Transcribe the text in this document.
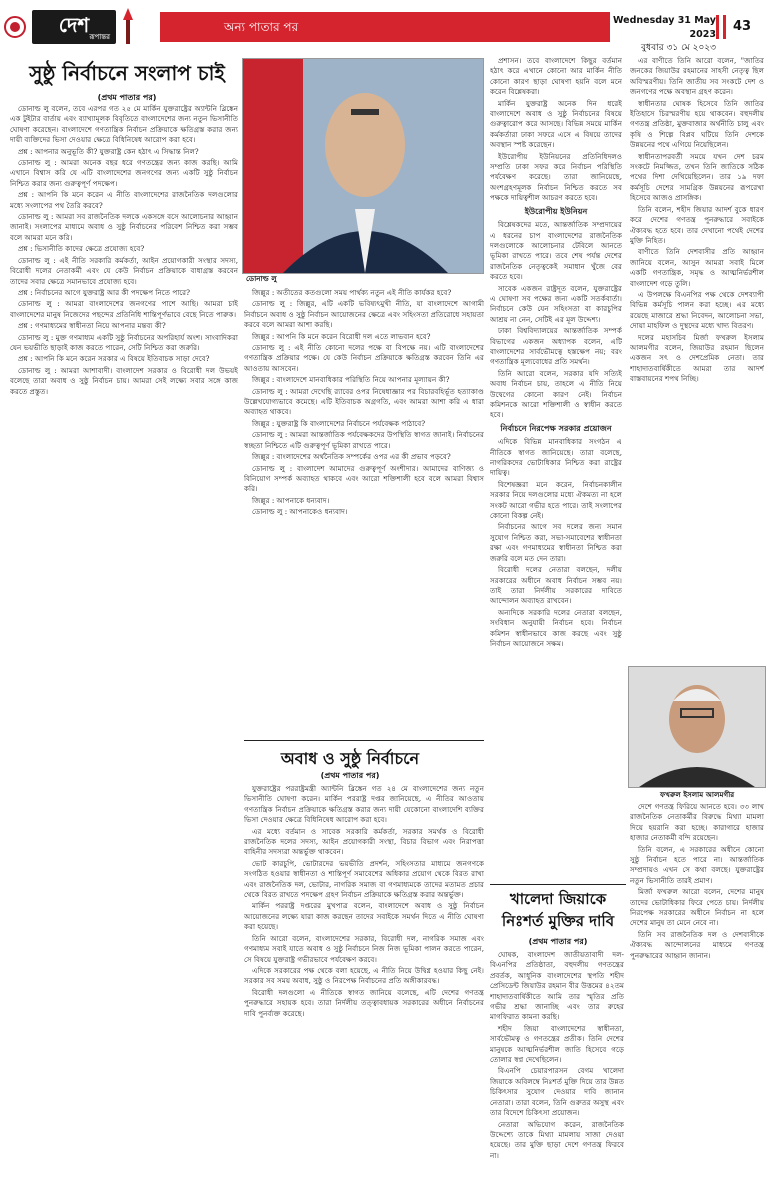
দেশ
রূপান্তর
অন্য পাতার পর	Wednesday 31 May 2023
বুধবার ৩১ মে ২০২৩
43
সুষ্ঠু নির্বাচনে সংলাপ চাই
(প্রথম পাতার পর)
ডোনাল্ড লু

ডোনাল্ড লু বলেন, তবে এরপর গত ২৫ মে মার্কিন যুক্তরাষ্ট্রের অ্যান্টনি ব্লিঙ্কেন এক টুইটার বার্তায় এবং ব্যাখ্যামূলক বিবৃতিতে বাংলাদেশের জন্য নতুন ভিসানীতি ঘোষণা করেছেন। বাংলাদেশে গণতান্ত্রিক নির্বাচন প্রক্রিয়াকে ক্ষতিগ্রস্ত করার জন্য দায়ী ব্যক্তিদের ভিসা দেওয়ার ক্ষেত্রে বিধিনিষেধ আরোপ করা হবে।

প্রশ্ন : আপনার অনুভূতি কী? যুক্তরাষ্ট্র কেন হঠাৎ এ সিদ্ধান্ত নিল?

ডোনাল্ড লু : আমরা অনেক বছর ধরে গণতন্ত্রের জন্য কাজ করছি। আমি এখানে বিশ্বাস করি যে এটি বাংলাদেশের জনগণের জন্য একটি সুষ্ঠু নির্বাচন নিশ্চিত করার জন্য গুরুত্বপূর্ণ পদক্ষেপ।

প্রশ্ন : আপনি কি মনে করেন এ নীতি বাংলাদেশের রাজনৈতিক দলগুলোর মধ্যে সংলাপের পথ তৈরি করবে?

ডোনাল্ড লু : আমরা সব রাজনৈতিক দলকে একসঙ্গে বসে আলোচনার আহ্বান জানাই। সংলাপের মাধ্যমে অবাধ ও সুষ্ঠু নির্বাচনের পরিবেশ নিশ্চিত করা সম্ভব বলে আমরা মনে করি।

প্রশ্ন : ভিসানীতি কাদের ক্ষেত্রে প্রযোজ্য হবে?

ডোনাল্ড লু : এই নীতি সরকারি কর্মকর্তা, আইন প্রয়োগকারী সংস্থার সদস্য, বিরোধী দলের নেতাকর্মী এবং যে কেউ নির্বাচন প্রক্রিয়াকে বাধাগ্রস্ত করবেন তাদের সবার ক্ষেত্রে সমানভাবে প্রযোজ্য হবে।

প্রশ্ন : নির্বাচনের আগে যুক্তরাষ্ট্র আর কী পদক্ষেপ নিতে পারে?

ডোনাল্ড লু : আমরা বাংলাদেশের জনগণের পাশে আছি। আমরা চাই বাংলাদেশের মানুষ নিজেদের পছন্দের প্রতিনিধি শান্তিপূর্ণভাবে বেছে নিতে পারুক।

প্রশ্ন : গণমাধ্যমের স্বাধীনতা নিয়ে আপনার মন্তব্য কী?

ডোনাল্ড লু : মুক্ত গণমাধ্যম একটি সুষ্ঠু নির্বাচনের অপরিহার্য অংশ। সাংবাদিকরা যেন ভয়ভীতি ছাড়াই কাজ করতে পারেন, সেটি নিশ্চিত করা জরুরি।

প্রশ্ন : আপনি কি মনে করেন সরকার এ বিষয়ে ইতিবাচক সাড়া দেবে?

ডোনাল্ড লু : আমরা আশাবাদী। বাংলাদেশ সরকার ও বিরোধী দল উভয়ই বলেছে তারা অবাধ ও সুষ্ঠু নির্বাচন চায়। আমরা সেই লক্ষ্যে সবার সঙ্গে কাজ করতে প্রস্তুত।

জিল্লুর : অতীতের কতগুলো সময় পার্থক্য নতুন এই নীতি কার্যকর হবে?

ডোনাল্ড লু : জিল্লুর, এটি একটি ভবিষ্যৎমুখী নীতি, যা বাংলাদেশে আগামী নির্বাচনে অবাধ ও সুষ্ঠু নির্বাচন আয়োজনের ক্ষেত্রে এবং সহিংসতা প্রতিরোধে সহায়তা করবে বলে আমরা আশা করছি।

জিল্লুর : আপনি কি মনে করেন বিরোধী দল এতে লাভবান হবে?

ডোনাল্ড লু : এই নীতি কোনো দলের পক্ষে বা বিপক্ষে নয়। এটি বাংলাদেশের গণতান্ত্রিক প্রক্রিয়ার পক্ষে। যে কেউ নির্বাচন প্রক্রিয়াকে ক্ষতিগ্রস্ত করবেন তিনি এর আওতায় আসবেন।

জিল্লুর : বাংলাদেশে মানবাধিকার পরিস্থিতি নিয়ে আপনার মূল্যায়ন কী?

ডোনাল্ড লু : আমরা দেখেছি র‍্যাবের ওপর নিষেধাজ্ঞার পর বিচারবহির্ভূত হত্যাকাণ্ড উল্লেখযোগ্যভাবে কমেছে। এটি ইতিবাচক অগ্রগতি, এবং আমরা আশা করি এ ধারা অব্যাহত থাকবে।

জিল্লুর : যুক্তরাষ্ট্র কি বাংলাদেশের নির্বাচনে পর্যবেক্ষক পাঠাবে?

ডোনাল্ড লু : আমরা আন্তর্জাতিক পর্যবেক্ষকদের উপস্থিতি স্বাগত জানাই। নির্বাচনের স্বচ্ছতা নিশ্চিতে এটি গুরুত্বপূর্ণ ভূমিকা রাখতে পারে।

জিল্লুর : বাংলাদেশের অর্থনৈতিক সম্পর্কের ওপর এর কী প্রভাব পড়বে?

ডোনাল্ড লু : বাংলাদেশ আমাদের গুরুত্বপূর্ণ অংশীদার। আমাদের বাণিজ্য ও বিনিয়োগ সম্পর্ক অব্যাহত থাকবে এবং আরো শক্তিশালী হবে বলে আমরা বিশ্বাস করি।

জিল্লুর : আপনাকে ধন্যবাদ।

ডোনাল্ড লু : আপনাকেও ধন্যবাদ।

অবাধ ও সুষ্ঠু নির্বাচনে
(প্রথম পাতার পর)

যুক্তরাষ্ট্রের পররাষ্ট্রমন্ত্রী অ্যান্টনি ব্লিঙ্কেন গত ২৪ মে বাংলাদেশের জন্য নতুন ভিসানীতি ঘোষণা করেন। মার্কিন পররাষ্ট্র দপ্তর জানিয়েছে, এ নীতির আওতায় গণতান্ত্রিক নির্বাচন প্রক্রিয়াকে ক্ষতিগ্রস্ত করার জন্য দায়ী যেকোনো বাংলাদেশি ব্যক্তির ভিসা দেওয়ার ক্ষেত্রে বিধিনিষেধ আরোপ করা হবে।

এর মধ্যে বর্তমান ও সাবেক সরকারি কর্মকর্তা, সরকার সমর্থক ও বিরোধী রাজনৈতিক দলের সদস্য, আইন প্রয়োগকারী সংস্থা, বিচার বিভাগ এবং নিরাপত্তা বাহিনীর সদস্যরা অন্তর্ভুক্ত থাকবেন।

ভোট কারচুপি, ভোটারদের ভয়ভীতি প্রদর্শন, সহিংসতার মাধ্যমে জনগণকে সংগঠিত হওয়ার স্বাধীনতা ও শান্তিপূর্ণ সমাবেশের অধিকার প্রয়োগ থেকে বিরত রাখা এবং রাজনৈতিক দল, ভোটার, নাগরিক সমাজ বা গণমাধ্যমকে তাদের মতামত প্রচার থেকে বিরত রাখতে পদক্ষেপ গ্রহণ নির্বাচন প্রক্রিয়াকে ক্ষতিগ্রস্ত করার অন্তর্ভুক্ত।

মার্কিন পররাষ্ট্র দপ্তরের মুখপাত্র বলেন, বাংলাদেশে অবাধ ও সুষ্ঠু নির্বাচন আয়োজনের লক্ষ্যে যারা কাজ করছেন তাদের সবাইকে সমর্থন দিতে এ নীতি ঘোষণা করা হয়েছে।

তিনি আরো বলেন, বাংলাদেশের সরকার, বিরোধী দল, নাগরিক সমাজ এবং গণমাধ্যম সবাই যাতে অবাধ ও সুষ্ঠু নির্বাচনে নিজ নিজ ভূমিকা পালন করতে পারেন, সে বিষয়ে যুক্তরাষ্ট্র গভীরভাবে পর্যবেক্ষণ করবে।

এদিকে সরকারের পক্ষ থেকে বলা হয়েছে, এ নীতি নিয়ে উদ্বিগ্ন হওয়ার কিছু নেই। সরকার সব সময় অবাধ, সুষ্ঠু ও নিরপেক্ষ নির্বাচনের প্রতি অঙ্গীকারবদ্ধ।

বিরোধী দলগুলো এ নীতিকে স্বাগত জানিয়ে বলেছে, এটি দেশের গণতন্ত্র পুনরুদ্ধারে সহায়ক হবে। তারা নির্দলীয় তত্ত্বাবধায়ক সরকারের অধীনে নির্বাচনের দাবি পুনর্ব্যক্ত করেছে।

প্রশাসন। তবে বাংলাদেশে কিছুর বর্তমান হঠাৎ করে এখানে কোনো আর মার্কিন নীতি কোনো কারণ ছাড়া ঘোষণা হয়নি বলে মনে করেন বিশ্লেষকরা।

মার্কিন যুক্তরাষ্ট্র অনেক দিন ধরেই বাংলাদেশে অবাধ ও সুষ্ঠু নির্বাচনের বিষয়ে গুরুত্বারোপ করে আসছে। বিভিন্ন সময়ে মার্কিন কর্মকর্তারা ঢাকা সফরে এসে এ বিষয়ে তাদের অবস্থান স্পষ্ট করেছেন।

ইউরোপীয় ইউনিয়নের প্রতিনিধিদলও সম্প্রতি ঢাকা সফর করে নির্বাচন পরিস্থিতি পর্যবেক্ষণ করেছে। তারা জানিয়েছে, অংশগ্রহণমূলক নির্বাচন নিশ্চিত করতে সব পক্ষকে দায়িত্বশীল আচরণ করতে হবে।

ইউরোপীয় ইউনিয়ন

বিশ্লেষকদের মতে, আন্তর্জাতিক সম্প্রদায়ের এ ধরনের চাপ বাংলাদেশের রাজনৈতিক দলগুলোকে আলোচনার টেবিলে আনতে ভূমিকা রাখতে পারে। তবে শেষ পর্যন্ত দেশের রাজনৈতিক নেতৃত্বকেই সমাধান খুঁজে বের করতে হবে।

সাবেক একজন রাষ্ট্রদূত বলেন, যুক্তরাষ্ট্রের এ ঘোষণা সব পক্ষের জন্য একটি সতর্কবার্তা। নির্বাচনে কেউ যেন সহিংসতা বা কারচুপির আশ্রয় না নেন, সেটিই এর মূল উদ্দেশ্য।

ঢাকা বিশ্ববিদ্যালয়ের আন্তর্জাতিক সম্পর্ক বিভাগের একজন অধ্যাপক বলেন, এটি বাংলাদেশের সার্বভৌমত্বে হস্তক্ষেপ নয়; বরং গণতান্ত্রিক মূল্যবোধের প্রতি সমর্থন।

তিনি আরো বলেন, সরকার যদি সত্যিই অবাধ নির্বাচন চায়, তাহলে এ নীতি নিয়ে উদ্বেগের কোনো কারণ নেই। নির্বাচন কমিশনকে আরো শক্তিশালী ও স্বাধীন করতে হবে।

নির্বাচনে নিরপেক্ষ সরকার প্রয়োজন

এদিকে বিভিন্ন মানবাধিকার সংগঠন এ নীতিকে স্বাগত জানিয়েছে। তারা বলেছে, নাগরিকদের ভোটাধিকার নিশ্চিত করা রাষ্ট্রের দায়িত্ব।

বিশেষজ্ঞরা মনে করেন, নির্বাচনকালীন সরকার নিয়ে দলগুলোর মধ্যে ঐকমত্য না হলে সংকট আরো গভীর হতে পারে। তাই সংলাপের কোনো বিকল্প নেই।

নির্বাচনের আগে সব দলের জন্য সমান সুযোগ নিশ্চিত করা, সভা-সমাবেশের স্বাধীনতা রক্ষা এবং গণমাধ্যমের স্বাধীনতা নিশ্চিত করা জরুরি বলে মত দেন তারা।

বিরোধী দলের নেতারা বলছেন, দলীয় সরকারের অধীনে অবাধ নির্বাচন সম্ভব নয়। তাই তারা নির্দলীয় সরকারের দাবিতে আন্দোলন অব্যাহত রাখবেন।

অন্যদিকে সরকারি দলের নেতারা বলছেন, সংবিধান অনুযায়ী নির্বাচন হবে। নির্বাচন কমিশন স্বাধীনভাবে কাজ করছে এবং সুষ্ঠু নির্বাচন আয়োজনে সক্ষম।

এর বাণীতে তিনি আরো বলেন, "জাতির জনকের জিয়াউর রহমানের সাহসী নেতৃত্ব ছিল অবিস্মরণীয়। তিনি জাতীয় সব সংকটে দেশ ও জনগণের পক্ষে অবস্থান গ্রহণ করেন।

স্বাধীনতার ঘোষক হিসেবে তিনি জাতির ইতিহাসে চিরস্মরণীয় হয়ে থাকবেন। বহুদলীয় গণতন্ত্র প্রতিষ্ঠা, মুক্তবাজার অর্থনীতি চালু এবং কৃষি ও শিল্পে বিপ্লব ঘটিয়ে তিনি দেশকে উন্নয়নের পথে এগিয়ে নিয়েছিলেন।

স্বাধীনতাপরবর্তী সময়ে যখন দেশ চরম সংকটে নিমজ্জিত, তখন তিনি জাতিকে সঠিক পথের দিশা দেখিয়েছিলেন। তার ১৯ দফা কর্মসূচি দেশের সামগ্রিক উন্নয়নের রূপরেখা হিসেবে আজও প্রাসঙ্গিক।

তিনি বলেন, শহীদ জিয়ার আদর্শ বুকে ধারণ করে দেশের গণতন্ত্র পুনরুদ্ধারে সবাইকে ঐক্যবদ্ধ হতে হবে। তার দেখানো পথেই দেশের মুক্তি নিহিত।

বাণীতে তিনি দেশবাসীর প্রতি আহ্বান জানিয়ে বলেন, আসুন আমরা সবাই মিলে একটি গণতান্ত্রিক, সমৃদ্ধ ও আত্মনির্ভরশীল বাংলাদেশ গড়ে তুলি।

এ উপলক্ষে বিএনপির পক্ষ থেকে দেশব্যাপী বিভিন্ন কর্মসূচি পালন করা হচ্ছে। এর মধ্যে রয়েছে মাজারে শ্রদ্ধা নিবেদন, আলোচনা সভা, দোয়া মাহফিল ও দুস্থদের মধ্যে খাদ্য বিতরণ।

দলের মহাসচিব মির্জা ফখরুল ইসলাম আলমগীর বলেন, জিয়াউর রহমান ছিলেন একজন সৎ ও দেশপ্রেমিক নেতা। তার শাহাদাতবার্ষিকীতে আমরা তার আদর্শ বাস্তবায়নের শপথ নিচ্ছি।

ফখরুল ইসলাম আলমগীর

দেশে গণতন্ত্র ফিরিয়ে আনতে হবে। ৩৩ লাখ রাজনৈতিক নেতাকর্মীর বিরুদ্ধে মিথ্যা মামলা দিয়ে হয়রানি করা হচ্ছে। কারাগারে হাজার হাজার নেতাকর্মী বন্দি রয়েছেন।

তিনি বলেন, এ সরকারের অধীনে কোনো সুষ্ঠু নির্বাচন হতে পারে না। আন্তর্জাতিক সম্প্রদায়ও এখন সে কথা বলছে। যুক্তরাষ্ট্রের নতুন ভিসানীতি তারই প্রমাণ।

মির্জা ফখরুল আরো বলেন, দেশের মানুষ তাদের ভোটাধিকার ফিরে পেতে চায়। নির্দলীয় নিরপেক্ষ সরকারের অধীনে নির্বাচন না হলে দেশের মানুষ তা মেনে নেবে না।

তিনি সব রাজনৈতিক দল ও দেশবাসীকে ঐক্যবদ্ধ আন্দোলনের মাধ্যমে গণতন্ত্র পুনরুদ্ধারের আহ্বান জানান।

খালেদা জিয়াকে
নিঃশর্ত মুক্তির দাবি
(প্রথম পাতার পর)

ঘোষক, বাংলাদেশ জাতীয়তাবাদী দল-বিএনপির প্রতিষ্ঠাতা, বহুদলীয় গণতন্ত্রের প্রবর্তক, আধুনিক বাংলাদেশের স্থপতি শহীদ প্রেসিডেন্ট জিয়াউর রহমান বীর উত্তমের ৪২তম শাহাদাতবার্ষিকীতে আমি তার স্মৃতির প্রতি গভীর শ্রদ্ধা জানাচ্ছি এবং তার রুহের মাগফিরাত কামনা করছি।

শহীদ জিয়া বাংলাদেশের স্বাধীনতা, সার্বভৌমত্ব ও গণতন্ত্রের প্রতীক। তিনি দেশের মানুষকে আত্মনির্ভরশীল জাতি হিসেবে গড়ে তোলার স্বপ্ন দেখেছিলেন।

বিএনপি চেয়ারপারসন বেগম খালেদা জিয়াকে অবিলম্বে নিঃশর্ত মুক্তি দিয়ে তার উন্নত চিকিৎসার সুযোগ দেওয়ার দাবি জানান নেতারা। তারা বলেন, তিনি গুরুতর অসুস্থ এবং তার বিদেশে চিকিৎসা প্রয়োজন।

নেতারা অভিযোগ করেন, রাজনৈতিক উদ্দেশ্যে তাকে মিথ্যা মামলায় সাজা দেওয়া হয়েছে। তার মুক্তি ছাড়া দেশে গণতন্ত্র ফিরবে না।
